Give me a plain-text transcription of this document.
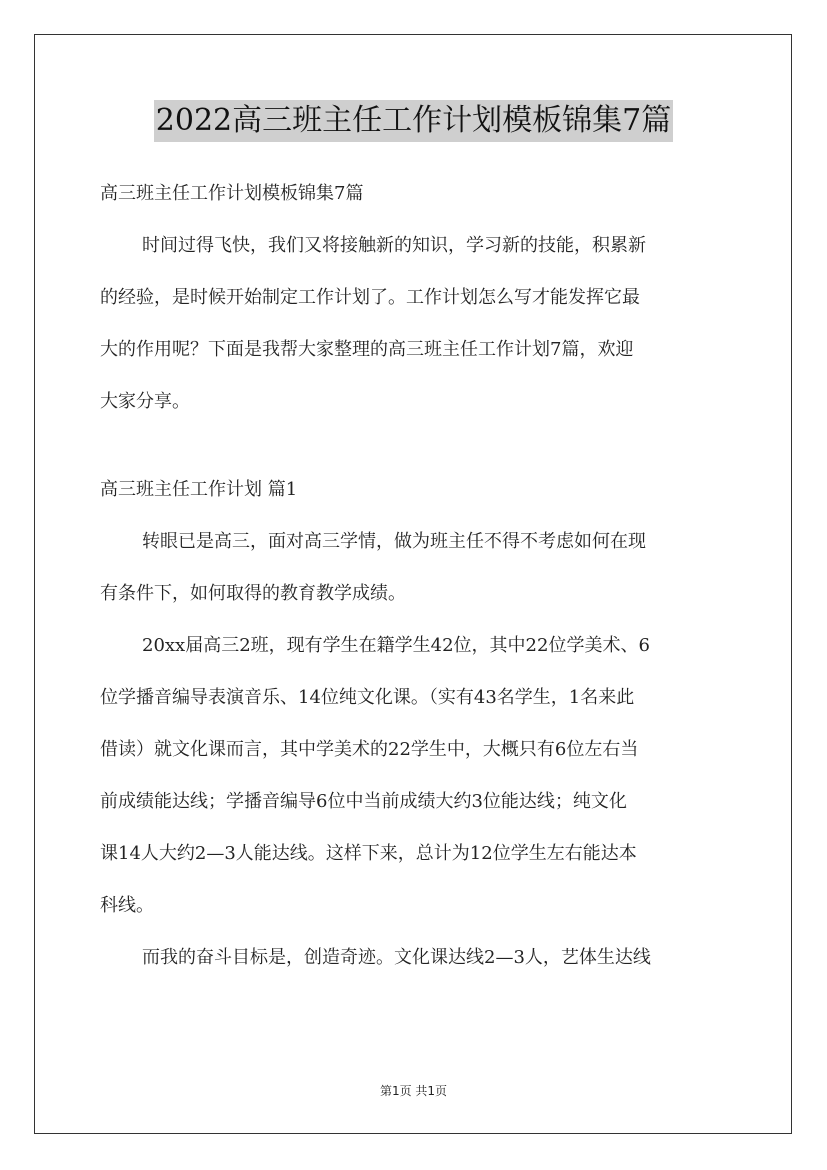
2022高三班主任工作计划模板锦集7篇

高三班主任工作计划模板锦集7篇

时间过得飞快，我们又将接触新的知识，学习新的技能，积累新

的经验，是时候开始制定工作计划了。工作计划怎么写才能发挥它最

大的作用呢？下面是我帮大家整理的高三班主任工作计划7篇，欢迎

大家分享。

高三班主任工作计划 篇1

转眼已是高三，面对高三学情，做为班主任不得不考虑如何在现

有条件下，如何取得的教育教学成绩。

20xx届高三2班，现有学生在籍学生42位，其中22位学美术、6

位学播音编导表演音乐、14位纯文化课。（实有43名学生，1名来此

借读）就文化课而言，其中学美术的22学生中，大概只有6位左右当

前成绩能达线；学播音编导6位中当前成绩大约3位能达线；纯文化

课14人大约2—3人能达线。这样下来，总计为12位学生左右能达本

科线。

而我的奋斗目标是，创造奇迹。文化课达线2—3人，艺体生达线

第1页 共1页
